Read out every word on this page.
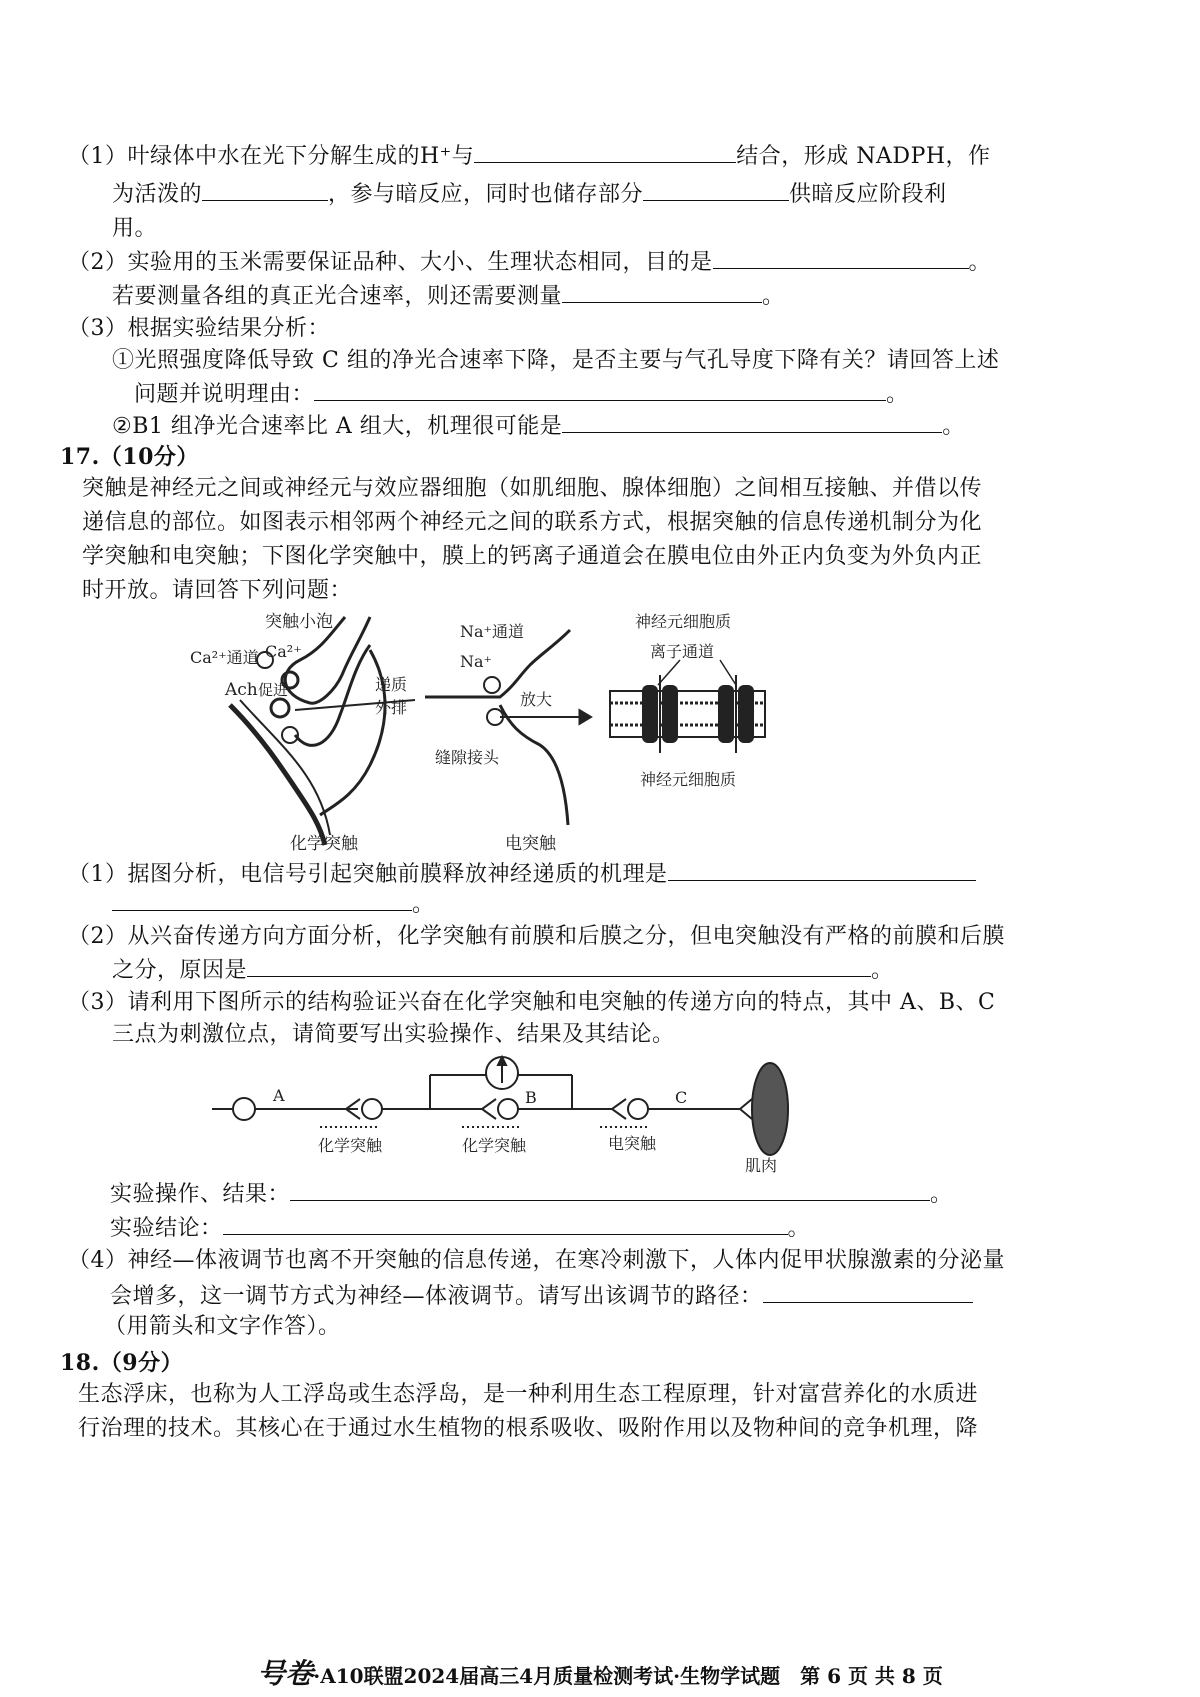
（1）叶绿体中水在光下分解生成的H⁺与	结合，形成 NADPH，作
为活泼的	，参与暗反应，同时也储存部分	供暗反应阶段利
用。
（2）实验用的玉米需要保证品种、大小、生理状态相同，目的是	。
若要测量各组的真正光合速率，则还需要测量	。
（3）根据实验结果分析：
①光照强度降低导致 C 组的净光合速率下降，是否主要与气孔导度下降有关？请回答上述
问题并说明理由：	。
②B1 组净光合速率比 A 组大，机理很可能是	。
17.（10分）
突触是神经元之间或神经元与效应器细胞（如肌细胞、腺体细胞）之间相互接触、并借以传
递信息的部位。如图表示相邻两个神经元之间的联系方式，根据突触的信息传递机制分为化
学突触和电突触；下图化学突触中，膜上的钙离子通道会在膜电位由外正内负变为外负内正
时开放。请回答下列问题：
突触小泡
Ca²⁺
Ca²⁺通道
Ach 促进	递质
外排
化学突触
Na⁺通道
Na⁺
放大
缝隙接头
电突触
神经元细胞质
离子通道
神经元细胞质
（1）据图分析，电信号引起突触前膜释放神经递质的机理是
。
（2）从兴奋传递方向方面分析，化学突触有前膜和后膜之分，但电突触没有严格的前膜和后膜
之分，原因是	。
（3）请利用下图所示的结构验证兴奋在化学突触和电突触的传递方向的特点，其中 A、B、C
三点为刺激位点，请简要写出实验操作、结果及其结论。
A	B	C
化学突触	化学突触	电突触
肌肉
实验操作、结果：	。
实验结论：	。
（4）神经—体液调节也离不开突触的信息传递，在寒冷刺激下，人体内促甲状腺激素的分泌量
会增多，这一调节方式为神经—体液调节。请写出该调节的路径：
（用箭头和文字作答）。
18.（9分）
生态浮床，也称为人工浮岛或生态浮岛，是一种利用生态工程原理，针对富营养化的水质进
行治理的技术。其核心在于通过水生植物的根系吸收、吸附作用以及物种间的竞争机理，降
号卷·A10联盟2024届高三4月质量检测考试·生物学试题　第 6 页 共 8 页
